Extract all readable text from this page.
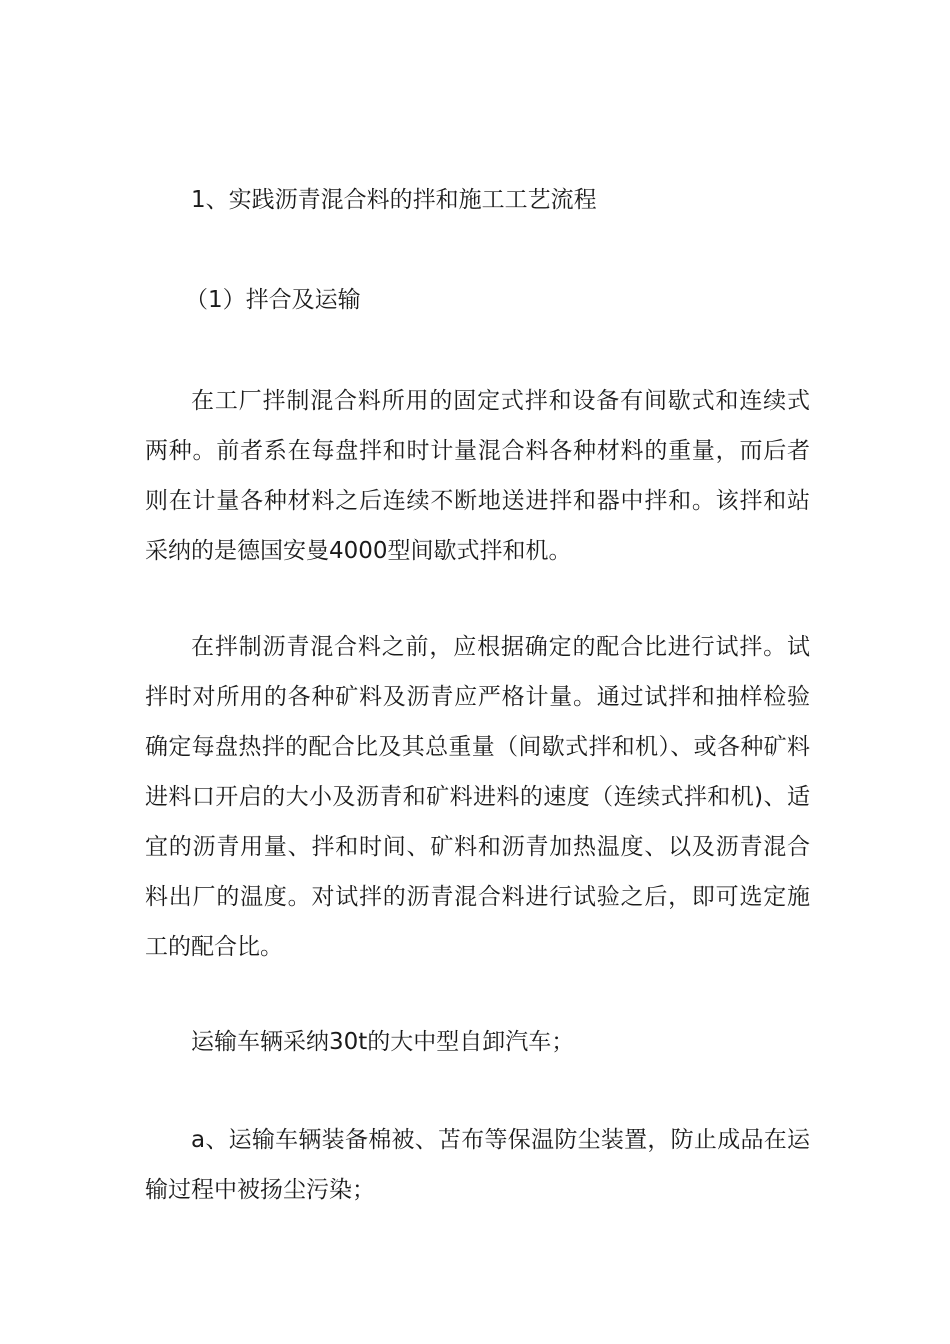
1、实践沥青混合料的拌和施工工艺流程

（1）拌合及运输

在工厂拌制混合料所用的固定式拌和设备有间歇式和连续式两种。前者系在每盘拌和时计量混合料各种材料的重量，而后者则在计量各种材料之后连续不断地送进拌和器中拌和。该拌和站采纳的是德国安曼4000型间歇式拌和机。

在拌制沥青混合料之前，应根据确定的配合比进行试拌。试拌时对所用的各种矿料及沥青应严格计量。通过试拌和抽样检验确定每盘热拌的配合比及其总重量（间歇式拌和机）、或各种矿料进料口开启的大小及沥青和矿料进料的速度（连续式拌和机)、适宜的沥青用量、拌和时间、矿料和沥青加热温度、以及沥青混合料出厂的温度。对试拌的沥青混合料进行试验之后，即可选定施工的配合比。

运输车辆采纳30t的大中型自卸汽车；

a、运输车辆装备棉被、苫布等保温防尘装置，防止成品在运输过程中被扬尘污染；
